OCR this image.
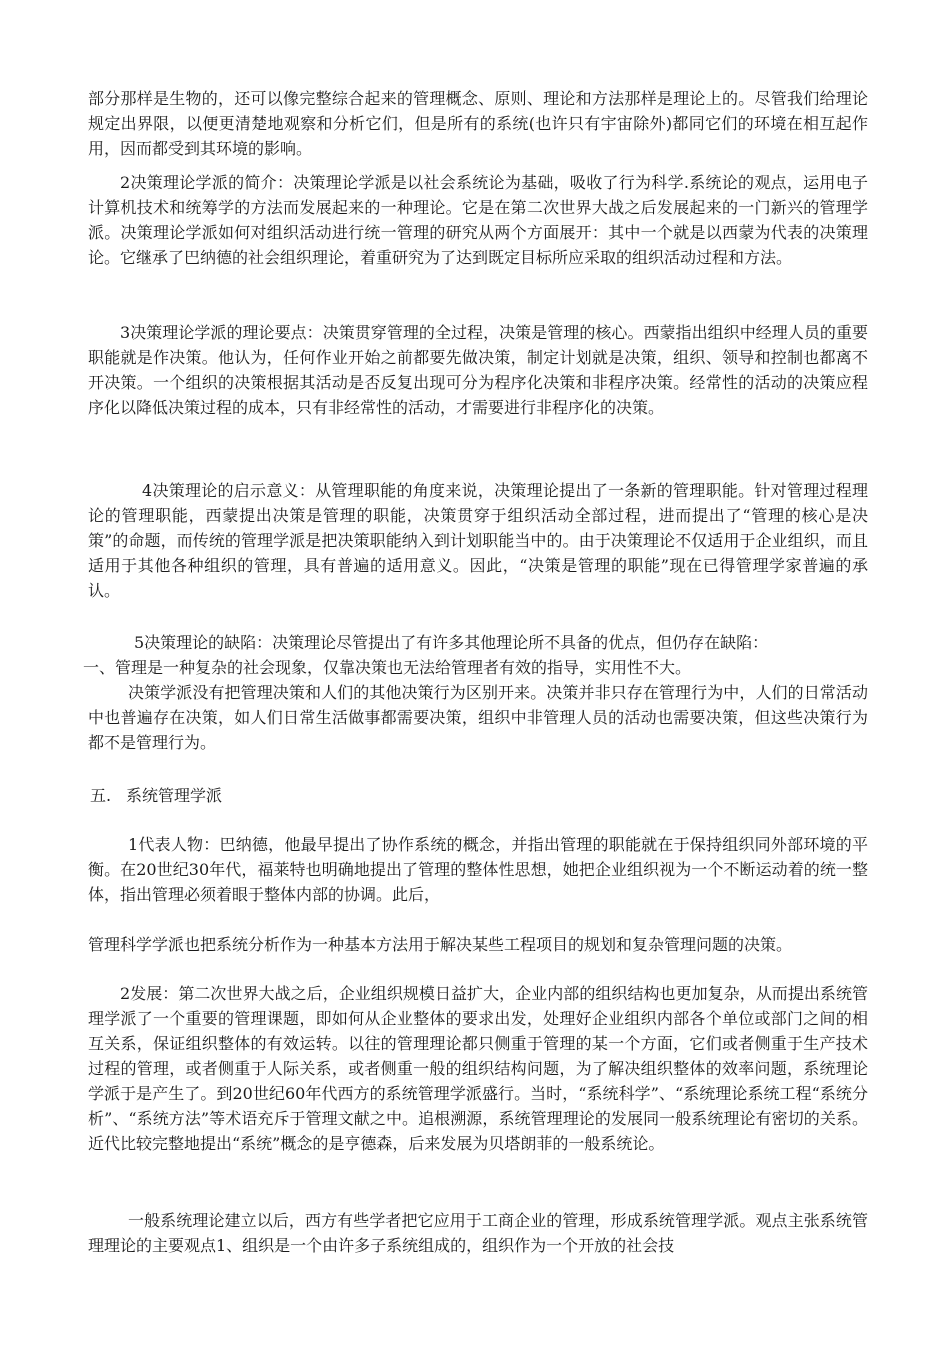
部分那样是生物的，还可以像完整综合起来的管理概念、原则、理论和方法那样是理论上的。尽管我们给理论规定出界限，以便更清楚地观察和分析它们，但是所有的系统(也许只有宇宙除外)都同它们的环境在相互起作用，因而都受到其环境的影响。

2决策理论学派的简介：决策理论学派是以社会系统论为基础，吸收了行为科学.系统论的观点，运用电子计算机技术和统筹学的方法而发展起来的一种理论。它是在第二次世界大战之后发展起来的一门新兴的管理学派。决策理论学派如何对组织活动进行统一管理的研究从两个方面展开：其中一个就是以西蒙为代表的决策理论。它继承了巴纳德的社会组织理论，着重研究为了达到既定目标所应采取的组织活动过程和方法。

3决策理论学派的理论要点：决策贯穿管理的全过程，决策是管理的核心。西蒙指出组织中经理人员的重要职能就是作决策。他认为，任何作业开始之前都要先做决策，制定计划就是决策，组织、领导和控制也都离不开决策。一个组织的决策根据其活动是否反复出现可分为程序化决策和非程序决策。经常性的活动的决策应程序化以降低决策过程的成本，只有非经常性的活动，才需要进行非程序化的决策。

4决策理论的启示意义：从管理职能的角度来说，决策理论提出了一条新的管理职能。针对管理过程理论的管理职能，西蒙提出决策是管理的职能，决策贯穿于组织活动全部过程，进而提出了“管理的核心是决策”的命题，而传统的管理学派是把决策职能纳入到计划职能当中的。由于决策理论不仅适用于企业组织，而且适用于其他各种组织的管理，具有普遍的适用意义。因此，“决策是管理的职能”现在已得管理学家普遍的承认。

5决策理论的缺陷：决策理论尽管提出了有许多其他理论所不具备的优点，但仍存在缺陷：
一、管理是一种复杂的社会现象，仅靠决策也无法给管理者有效的指导，实用性不大。

决策学派没有把管理决策和人们的其他决策行为区别开来。决策并非只存在管理行为中，人们的日常活动中也普遍存在决策，如人们日常生活做事都需要决策，组织中非管理人员的活动也需要决策，但这些决策行为都不是管理行为。

五. 系统管理学派

1代表人物：巴纳德，他最早提出了协作系统的概念，并指出管理的职能就在于保持组织同外部环境的平衡。在20世纪30年代，福莱特也明确地提出了管理的整体性思想，她把企业组织视为一个不断运动着的统一整体，指出管理必须着眼于整体内部的协调。此后，

管理科学学派也把系统分析作为一种基本方法用于解决某些工程项目的规划和复杂管理问题的决策。

2发展：第二次世界大战之后，企业组织规模日益扩大，企业内部的组织结构也更加复杂，从而提出系统管理学派了一个重要的管理课题，即如何从企业整体的要求出发，处理好企业组织内部各个单位或部门之间的相互关系，保证组织整体的有效运转。以往的管理理论都只侧重于管理的某一个方面，它们或者侧重于生产技术过程的管理，或者侧重于人际关系，或者侧重一般的组织结构问题，为了解决组织整体的效率问题，系统理论学派于是产生了。到20世纪60年代西方的系统管理学派盛行。当时，“系统科学”、“系统理论系统工程“系统分析”、“系统方法”等术语充斥于管理文献之中。追根溯源，系统管理理论的发展同一般系统理论有密切的关系。近代比较完整地提出“系统”概念的是亨德森，后来发展为贝塔朗菲的一般系统论。

一般系统理论建立以后，西方有些学者把它应用于工商企业的管理，形成系统管理学派。观点主张系统管理理论的主要观点1、组织是一个由许多子系统组成的，组织作为一个开放的社会技
